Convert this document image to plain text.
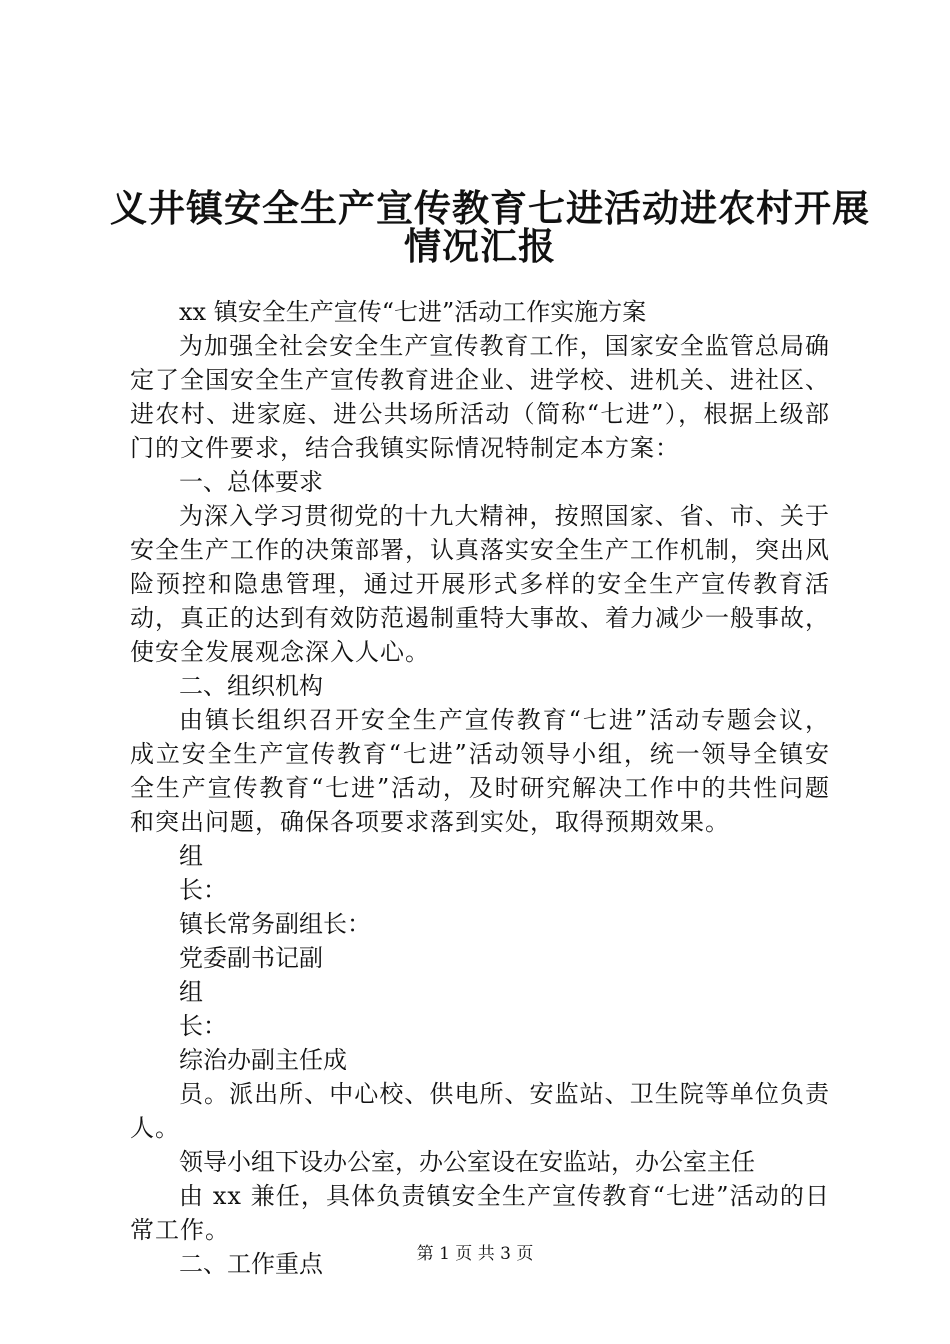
义井镇安全生产宣传教育七进活动进农村开展
情况汇报

xx 镇安全生产宣传“七进”活动工作实施方案

为加强全社会安全生产宣传教育工作，国家安全监管总局确定了全国安全生产宣传教育进企业、进学校、进机关、进社区、进农村、进家庭、进公共场所活动（简称“七进”），根据上级部门的文件要求，结合我镇实际情况特制定本方案：

一、总体要求

为深入学习贯彻党的十九大精神，按照国家、省、市、关于安全生产工作的决策部署，认真落实安全生产工作机制，突出风险预控和隐患管理，通过开展形式多样的安全生产宣传教育活动，真正的达到有效防范遏制重特大事故、着力减少一般事故，使安全发展观念深入人心。

二、组织机构

由镇长组织召开安全生产宣传教育“七进”活动专题会议，成立安全生产宣传教育“七进”活动领导小组，统一领导全镇安全生产宣传教育“七进”活动，及时研究解决工作中的共性问题和突出问题，确保各项要求落到实处，取得预期效果。

组

长：

镇长常务副组长：

党委副书记副

组

长：

综治办副主任成

员。派出所、中心校、供电所、安监站、卫生院等单位负责人。

领导小组下设办公室，办公室设在安监站，办公室主任

由 xx 兼任，具体负责镇安全生产宣传教育“七进”活动的日常工作。

二、工作重点	第 1 页 共 3 页
